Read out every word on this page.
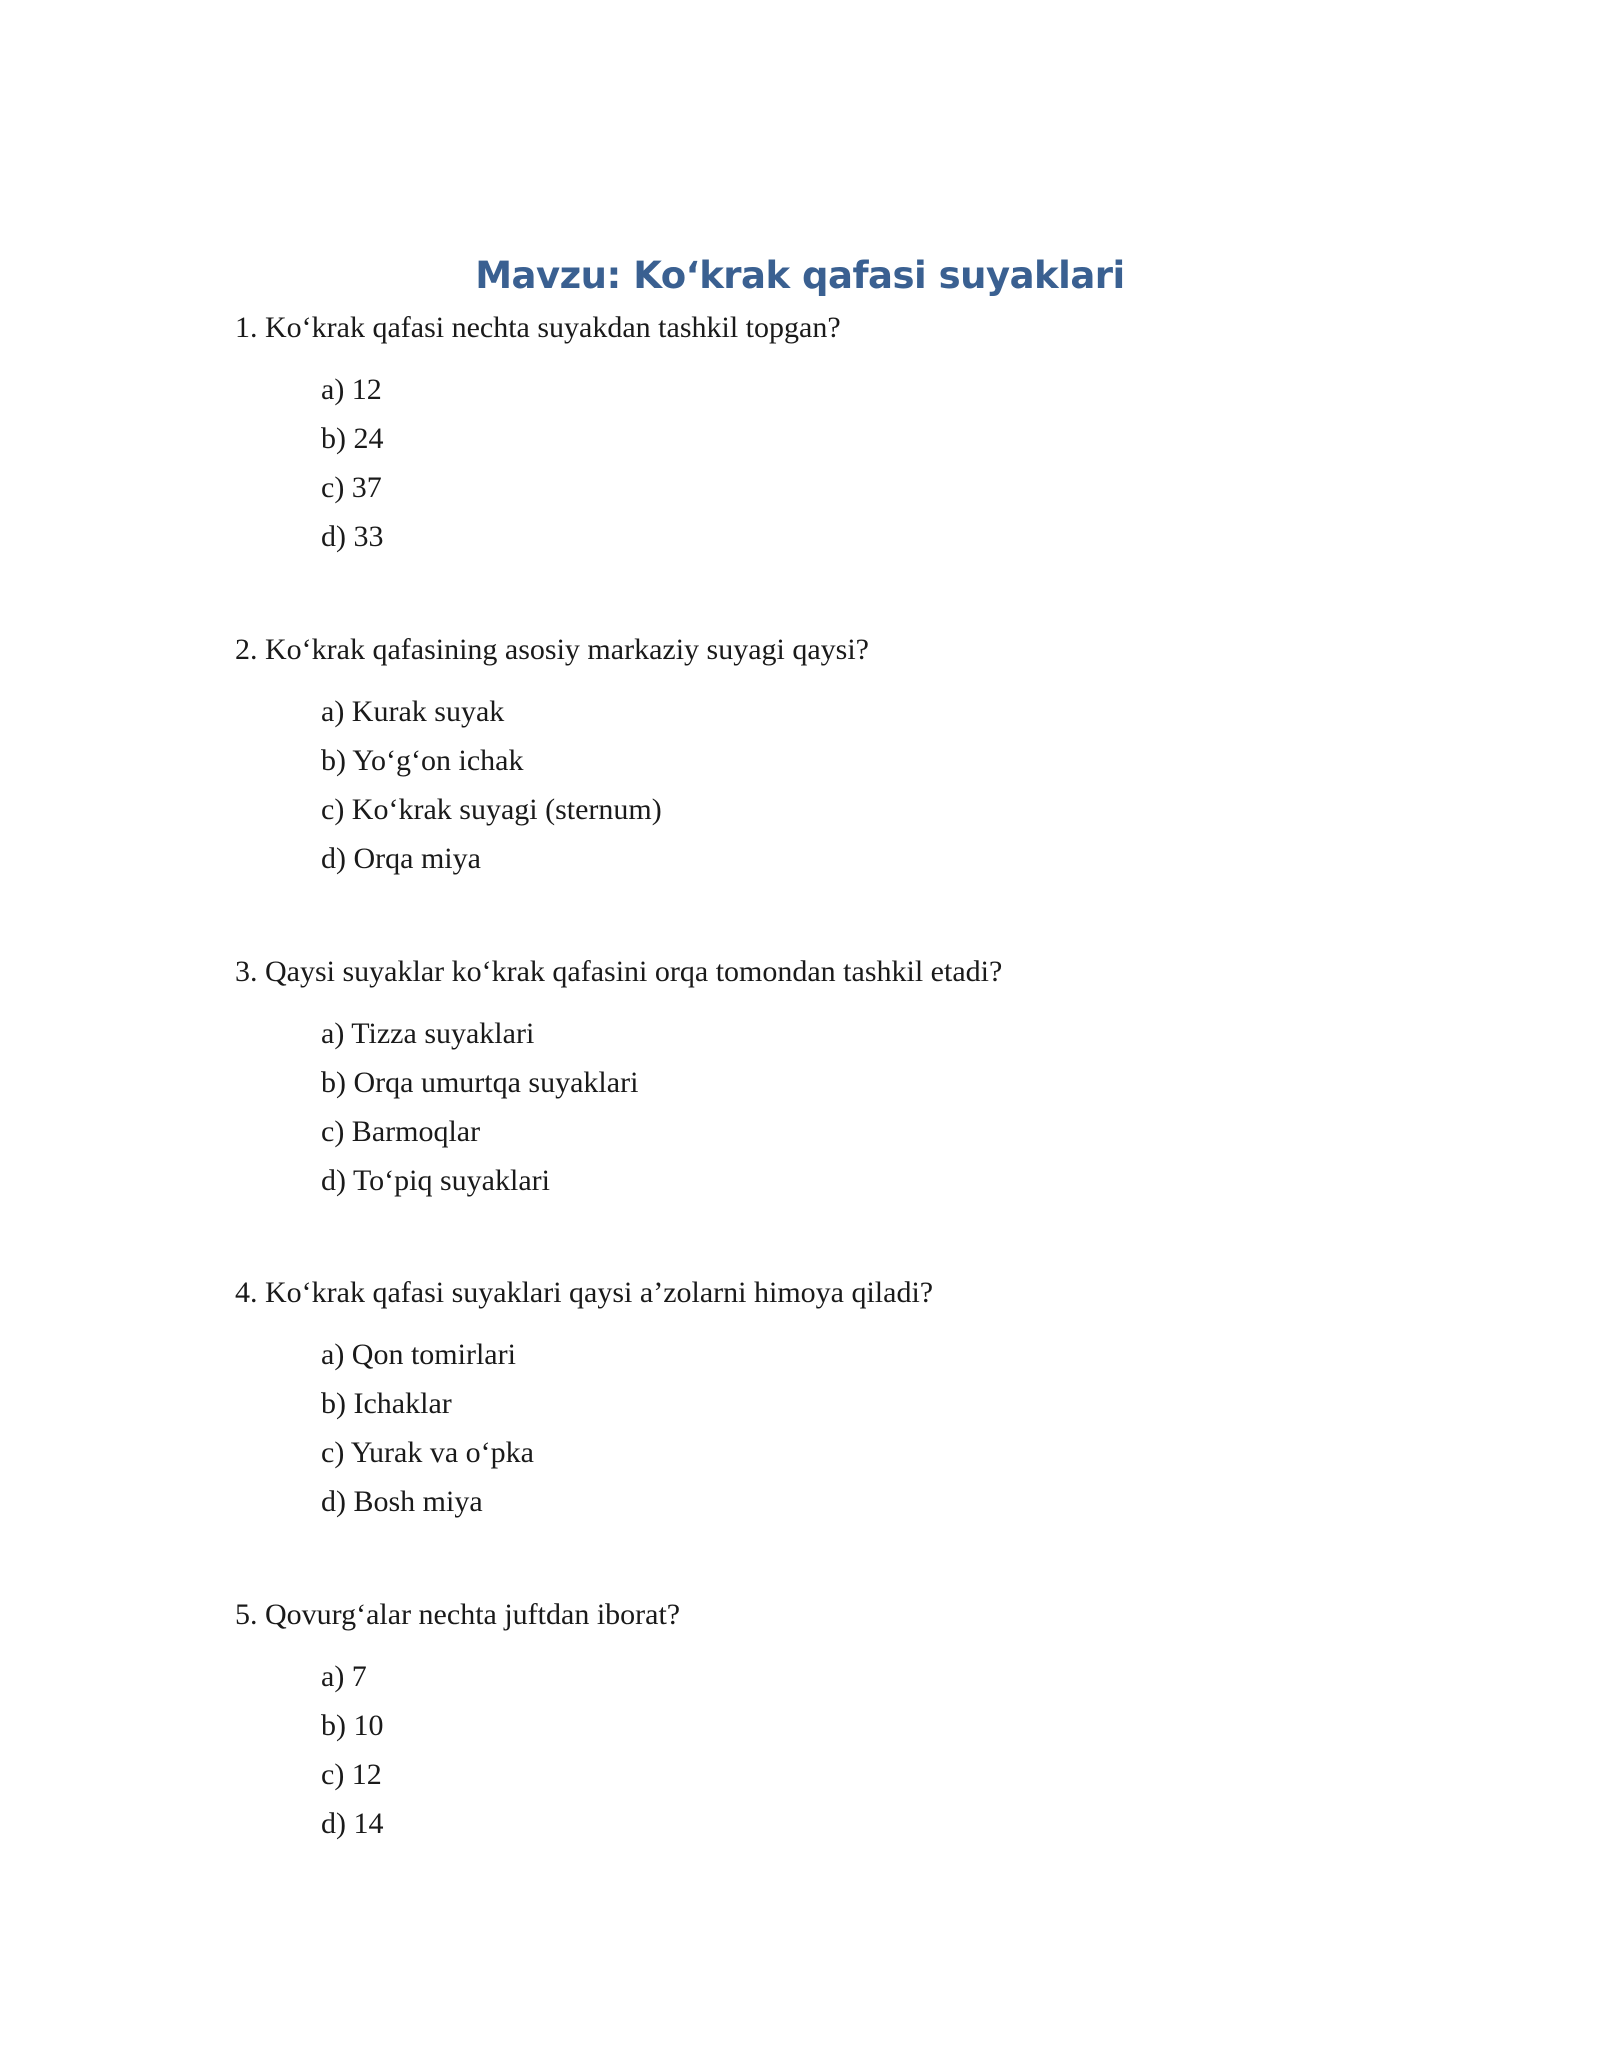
Mavzu: Koʻkrak qafasi suyaklari

1. Koʻkrak qafasi nechta suyakdan tashkil topgan?

a) 12
b) 24
c) 37
d) 33

2. Koʻkrak qafasining asosiy markaziy suyagi qaysi?

a) Kurak suyak
b) Yoʻgʻon ichak
c) Koʻkrak suyagi (sternum)
d) Orqa miya

3. Qaysi suyaklar koʻkrak qafasini orqa tomondan tashkil etadi?

a) Tizza suyaklari
b) Orqa umurtqa suyaklari
c) Barmoqlar
d) Toʻpiq suyaklari

4. Koʻkrak qafasi suyaklari qaysi a’zolarni himoya qiladi?

a) Qon tomirlari
b) Ichaklar
c) Yurak va oʻpka
d) Bosh miya

5. Qovurgʻalar nechta juftdan iborat?

a) 7
b) 10
c) 12
d) 14
